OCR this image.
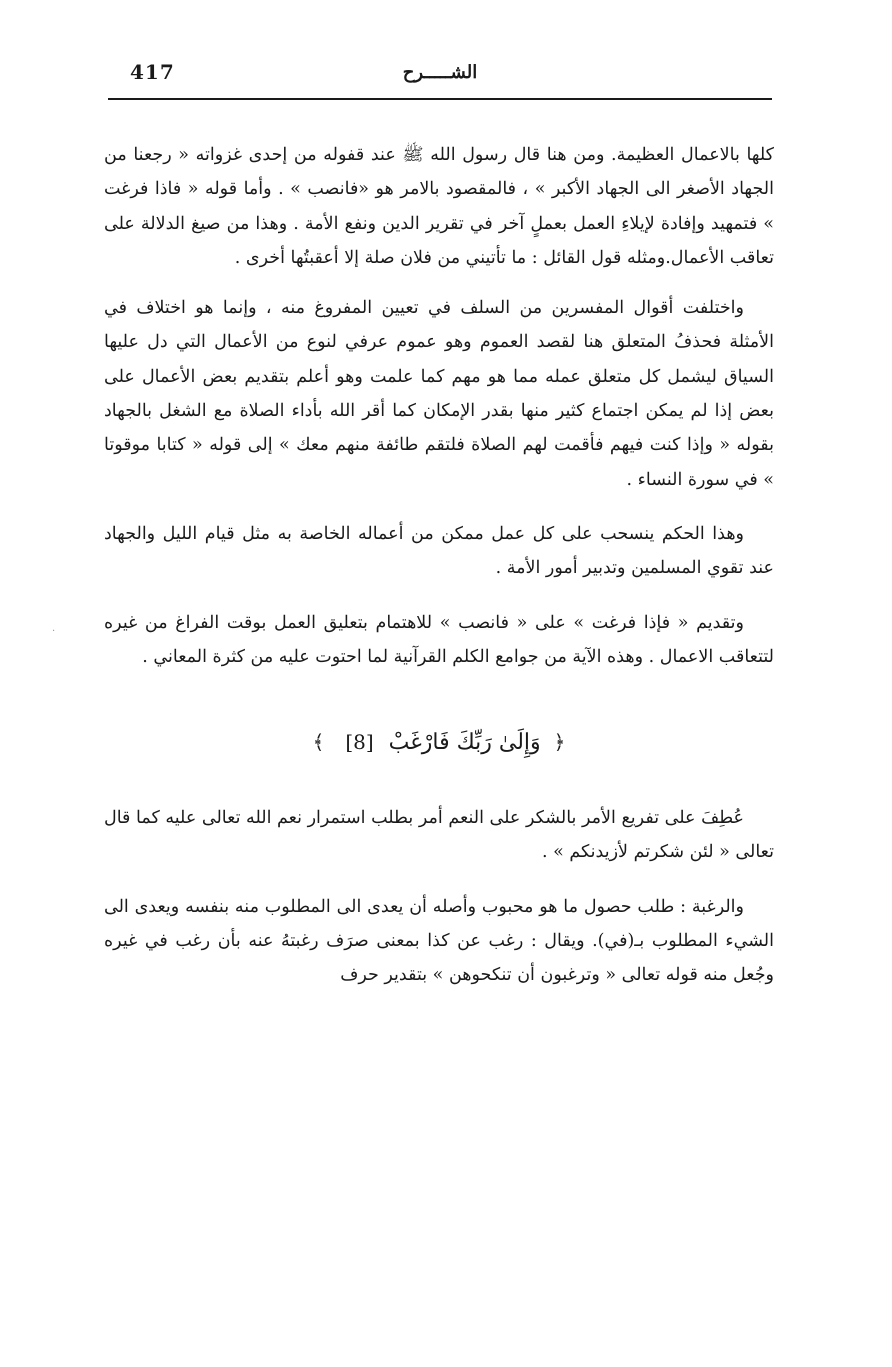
417	الشـــــرح

كلها بالاعمال العظيمة. ومن هنا قال رسول الله ﷺ عند قفوله من إحدى غزواته « رجعنا من الجهاد الأصغر الى الجهاد الأكبر » ، فالمقصود بالامر هو «فانصب » . وأما قوله « فاذا فرغت » فتمهيد وإفادة لإيلاءِ العمل بعملٍ آخر في تقرير الدين ونفع الأمة . وهذا من صيغ الدلالة على تعاقب الأعمال.ومثله قول القائل : ما تأتيني من فلان صلة إلا أعقبتُها أخرى .

واختلفت أقوال المفسرين من السلف في تعيين المفروغ منه ، وإنما هو اختلاف في الأمثلة فحذفُ المتعلق هنا لقصد العموم وهو عموم عرفي لنوع من الأعمال التي دل عليها السياق ليشمل كل متعلق عمله مما هو مهم كما علمت وهو أعلم بتقديم بعض الأعمال على بعض إذا لم يمكن اجتماع كثير منها بقدر الإمكان كما أقر الله بأداء الصلاة مع الشغل بالجهاد بقوله « وإذا كنت فيهم فأقمت لهم الصلاة فلتقم طائفة منهم معك » إلى قوله « كتابا موقوتا » في سورة النساء .

وهذا الحكم ينسحب على كل عمل ممكن من أعماله الخاصة به مثل قيام الليل والجهاد عند تقوي المسلمين وتدبير أمور الأمة .

وتقديم « فإذا فرغت » على « فانصب » للاهتمام بتعليق العمل بوقت الفراغ من غيره لتتعاقب الاعمال . وهذه الآية من جوامع الكلم القرآنية لما احتوت عليه من كثرة المعاني .

﴿ وَإِلَىٰ رَبِّكَ فَارْغَبْ [8] ﴾

عُطِفَ على تفريع الأمر بالشكر على النعم أمر بطلب استمرار نعم الله تعالى عليه كما قال تعالى « لئن شكرتم لأزيدنكم » .

والرغبة : طلب حصول ما هو محبوب وأصله أن يعدى الى المطلوب منه بنفسه ويعدى الى الشيء المطلوب بـ(في). ويقال : رغب عن كذا بمعنى صرَف رغبتهُ عنه بأن رغب في غيره وجُعل منه قوله تعالى « وترغبون أن تنكحوهن » بتقدير حرف

·
